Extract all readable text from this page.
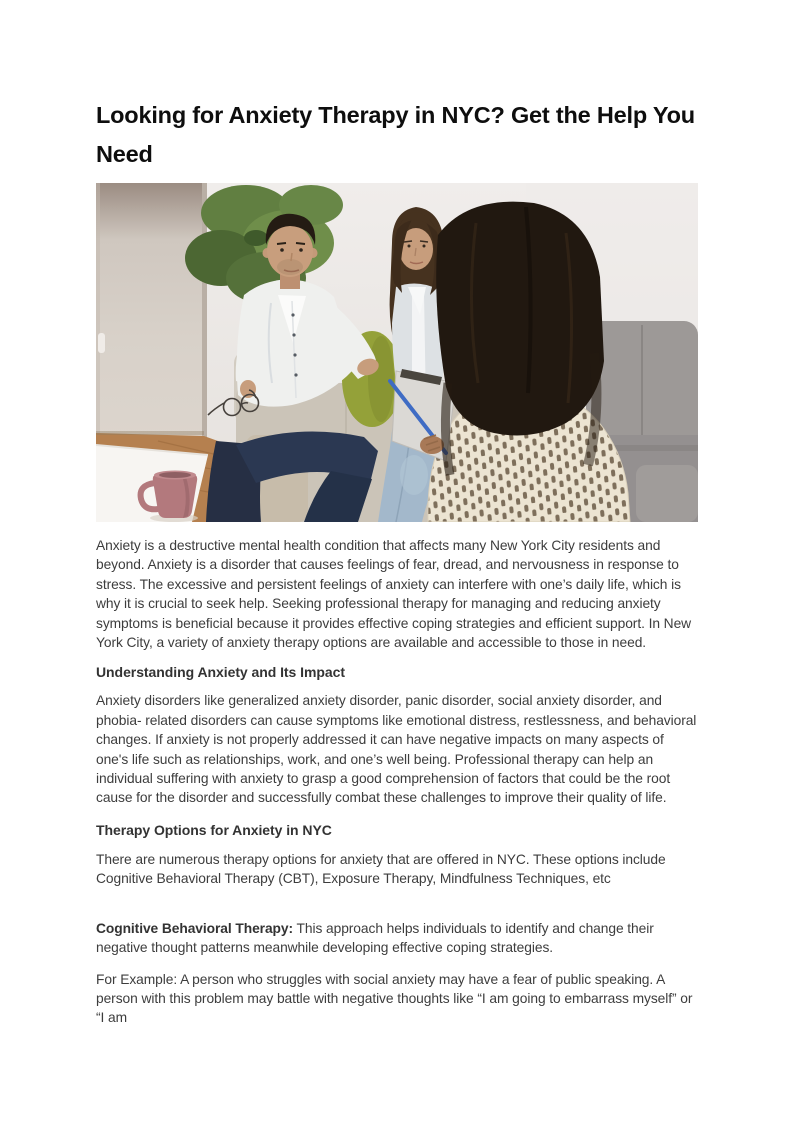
Looking for Anxiety Therapy in NYC? Get the Help You Need

Anxiety is a destructive mental health condition that affects many New York City residents and beyond. Anxiety is a disorder that causes feelings of fear, dread, and nervousness in response to stress. The excessive and persistent feelings of anxiety can interfere with one’s daily life, which is why it is crucial to seek help. Seeking professional therapy for managing and reducing anxiety symptoms is beneficial because it provides effective coping strategies and efficient support. In New York City, a variety of anxiety therapy options are available and accessible to those in need.

Understanding Anxiety and Its Impact

Anxiety disorders like generalized anxiety disorder, panic disorder, social anxiety disorder, and phobia- related disorders can cause symptoms like emotional distress, restlessness, and behavioral changes. If anxiety is not properly addressed it can have negative impacts on many aspects of one's life such as relationships, work, and one’s well being. Professional therapy can help an individual suffering with anxiety to grasp a good comprehension of factors that could be the root cause for the disorder and successfully combat these challenges to improve their quality of life.

Therapy Options for Anxiety in NYC

There are numerous therapy options for anxiety that are offered in NYC. These options include Cognitive Behavioral Therapy (CBT), Exposure Therapy, Mindfulness Techniques, etc

Cognitive Behavioral Therapy: This approach helps individuals to identify and change their negative thought patterns meanwhile developing effective coping strategies.

For Example: A person who struggles with social anxiety may have a fear of public speaking. A person with this problem may battle with negative thoughts like “I am going to embarrass myself” or “I am
